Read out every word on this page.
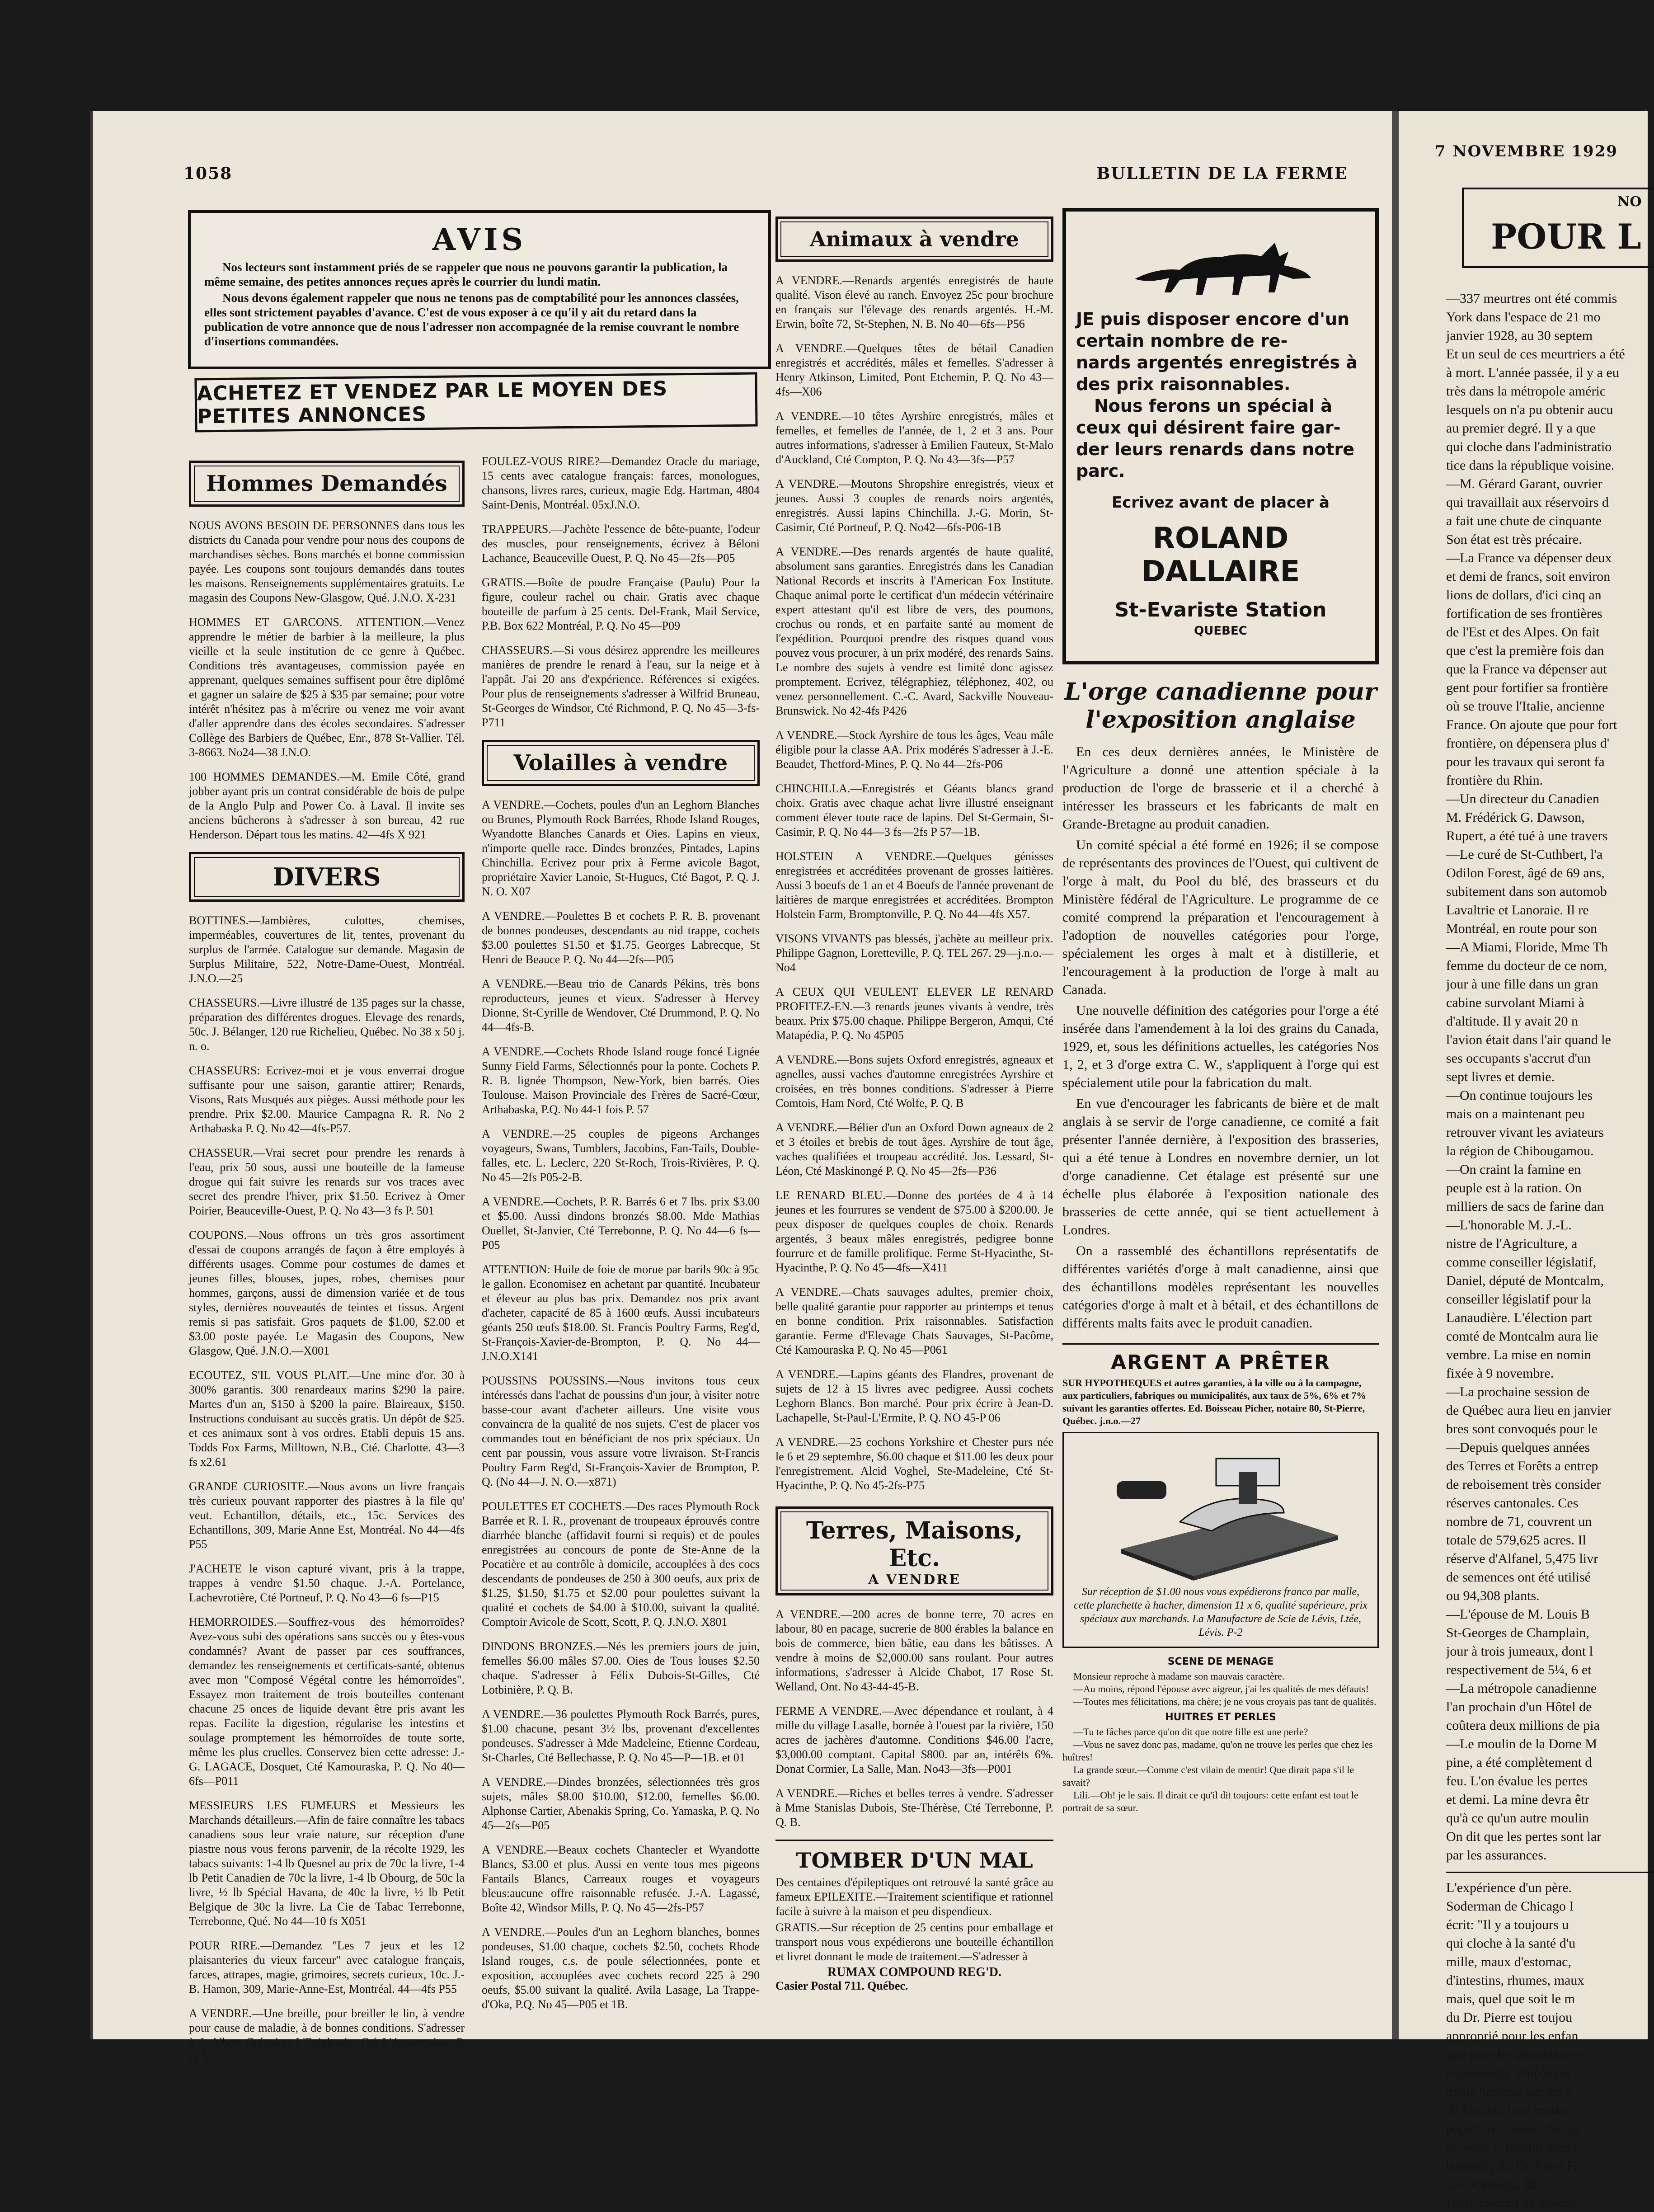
1058	BULLETIN DE LA FERME
AVIS

Nos lecteurs sont instamment priés de se rappeler que nous ne pouvons garantir la publication, la même semaine, des petites annonces reçues après le courrier du lundi matin.

Nous devons également rappeler que nous ne tenons pas de comptabilité pour les annonces classées, elles sont strictement payables d'avance. C'est de vous exposer à ce qu'il y ait du retard dans la publication de votre annonce que de nous l'adresser non accompagnée de la remise couvrant le nombre d'insertions commandées.

ACHETEZ ET VENDEZ PAR LE MOYEN DES PETITES ANNONCES
Hommes Demandés

NOUS AVONS BESOIN DE PERSONNES dans tous les districts du Canada pour vendre pour nous des coupons de marchandises sèches. Bons marchés et bonne commission payée. Les coupons sont toujours demandés dans toutes les maisons. Renseignements supplémentaires gratuits. Le magasin des Coupons New-Glasgow, Qué. J.N.O. X-231

HOMMES ET GARCONS. ATTENTION.—Venez apprendre le métier de barbier à la meilleure, la plus vieille et la seule institution de ce genre à Québec. Conditions très avantageuses, commission payée en apprenant, quelques semaines suffisent pour être diplômé et gagner un salaire de $25 à $35 par semaine; pour votre intérêt n'hésitez pas à m'écrire ou venez me voir avant d'aller apprendre dans des écoles secondaires. S'adresser Collège des Barbiers de Québec, Enr., 878 St-Vallier. Tél. 3-8663. No24—38 J.N.O.

100 HOMMES DEMANDES.—M. Emile Côté, grand jobber ayant pris un contrat considérable de bois de pulpe de la Anglo Pulp and Power Co. à Laval. Il invite ses anciens bûcherons à s'adresser à son bureau, 42 rue Henderson. Départ tous les matins. 42—4fs X 921

DIVERS

BOTTINES.—Jambières, culottes, chemises, imperméables, couvertures de lit, tentes, provenant du surplus de l'armée. Catalogue sur demande. Magasin de Surplus Militaire, 522, Notre-Dame-Ouest, Montréal. J.N.O.—25

CHASSEURS.—Livre illustré de 135 pages sur la chasse, préparation des différentes drogues. Elevage des renards, 50c. J. Bélanger, 120 rue Richelieu, Québec. No 38 x 50 j. n. o.

CHASSEURS: Ecrivez-moi et je vous enverrai drogue suffisante pour une saison, garantie attirer; Renards, Visons, Rats Musqués aux pièges. Aussi méthode pour les prendre. Prix $2.00. Maurice Campagna R. R. No 2 Arthabaska P. Q. No 42—4fs-P57.

CHASSEUR.—Vrai secret pour prendre les renards à l'eau, prix 50 sous, aussi une bouteille de la fameuse drogue qui fait suivre les renards sur vos traces avec secret des prendre l'hiver, prix $1.50. Ecrivez à Omer Poirier, Beauceville-Ouest, P. Q. No 43—3 fs P. 501

COUPONS.—Nous offrons un très gros assortiment d'essai de coupons arrangés de façon à être employés à différents usages. Comme pour costumes de dames et jeunes filles, blouses, jupes, robes, chemises pour hommes, garçons, aussi de dimension variée et de tous styles, dernières nouveautés de teintes et tissus. Argent remis si pas satisfait. Gros paquets de $1.00, $2.00 et $3.00 poste payée. Le Magasin des Coupons, New Glasgow, Qué. J.N.O.—X001

ECOUTEZ, S'IL VOUS PLAIT.—Une mine d'or. 30 à 300% garantis. 300 renardeaux marins $290 la paire. Martes d'un an, $150 à $200 la paire. Blaireaux, $150. Instructions conduisant au succès gratis. Un dépôt de $25. et ces animaux sont à vos ordres. Etabli depuis 15 ans. Todds Fox Farms, Milltown, N.B., Cté. Charlotte. 43—3 fs x2.61

GRANDE CURIOSITE.—Nous avons un livre français très curieux pouvant rapporter des piastres à la file qu' veut. Echantillon, détails, etc., 15c. Services des Echantillons, 309, Marie Anne Est, Montréal. No 44—4fs P55

J'ACHETE le vison capturé vivant, pris à la trappe, trappes à vendre $1.50 chaque. J.-A. Portelance, Lachevrotière, Cté Portneuf, P. Q. No 43—6 fs—P15

HEMORROIDES.—Souffrez-vous des hémorroïdes? Avez-vous subi des opérations sans succès ou y êtes-vous condamnés? Avant de passer par ces souffrances, demandez les renseignements et certificats-santé, obtenus avec mon "Composé Végétal contre les hémorroïdes". Essayez mon traitement de trois bouteilles contenant chacune 25 onces de liquide devant être pris avant les repas. Facilite la digestion, régularise les intestins et soulage promptement les hémorroïdes de toute sorte, même les plus cruelles. Conservez bien cette adresse: J.-G. LAGACE, Dosquet, Cté Kamouraska, P. Q. No 40—6fs—P011

MESSIEURS LES FUMEURS et Messieurs les Marchands détailleurs.—Afin de faire connaître les tabacs canadiens sous leur vraie nature, sur réception d'une piastre nous vous ferons parvenir, de la récolte 1929, les tabacs suivants: 1-4 lb Quesnel au prix de 70c la livre, 1-4 lb Petit Canadien de 70c la livre, 1-4 lb Obourg, de 50c la livre, ½ lb Spécial Havana, de 40c la livre, ½ lb Petit Belgique de 30c la livre. La Cie de Tabac Terrebonne, Terrebonne, Qué. No 44—10 fs X051

POUR RIRE.—Demandez "Les 7 jeux et les 12 plaisanteries du vieux farceur" avec catalogue français, farces, attrapes, magie, grimoires, secrets curieux, 10c. J.-B. Hamon, 309, Marie-Anne-Est, Montréal. 44—4fs P55

A VENDRE.—Une breille, pour breiller le lin, à vendre pour cause de maladie, à de bonnes conditions. S'adresser à J.-Albert Grégoire, L'Epiphanie, Cté L'Assomption, P. Q. B.

FOULEZ-VOUS RIRE?—Demandez Oracle du mariage, 15 cents avec catalogue français: farces, monologues, chansons, livres rares, curieux, magie Edg. Hartman, 4804 Saint-Denis, Montréal. 05xJ.N.O.

TRAPPEURS.—J'achète l'essence de bête-puante, l'odeur des muscles, pour renseignements, écrivez à Béloni Lachance, Beauceville Ouest, P. Q. No 45—2fs—P05

GRATIS.—Boîte de poudre Française (Paulu) Pour la figure, couleur rachel ou chair. Gratis avec chaque bouteille de parfum à 25 cents. Del-Frank, Mail Service, P.B. Box 622 Montréal, P. Q. No 45—P09

CHASSEURS.—Si vous désirez apprendre les meilleures manières de prendre le renard à l'eau, sur la neige et à l'appât. J'ai 20 ans d'expérience. Références si exigées. Pour plus de renseignements s'adresser à Wilfrid Bruneau, St-Georges de Windsor, Cté Richmond, P. Q. No 45—3-fs-P711

Volailles à vendre

A VENDRE.—Cochets, poules d'un an Leghorn Blanches ou Brunes, Plymouth Rock Barrées, Rhode Island Rouges, Wyandotte Blanches Canards et Oies. Lapins en vieux, n'importe quelle race. Dindes bronzées, Pintades, Lapins Chinchilla. Ecrivez pour prix à Ferme avicole Bagot, propriétaire Xavier Lanoie, St-Hugues, Cté Bagot, P. Q. J. N. O. X07

A VENDRE.—Poulettes B et cochets P. R. B. provenant de bonnes pondeuses, descendants au nid trappe, cochets $3.00 poulettes $1.50 et $1.75. Georges Labrecque, St Henri de Beauce P. Q. No 44—2fs—P05

A VENDRE.—Beau trio de Canards Pékins, très bons reproducteurs, jeunes et vieux. S'adresser à Hervey Dionne, St-Cyrille de Wendover, Cté Drummond, P. Q. No 44—4fs-B.

A VENDRE.—Cochets Rhode Island rouge foncé Lignée Sunny Field Farms, Sélectionnés pour la ponte. Cochets P. R. B. lignée Thompson, New-York, bien barrés. Oies Toulouse. Maison Provinciale des Frères de Sacré-Cœur, Arthabaska, P.Q. No 44-1 fois P. 57

A VENDRE.—25 couples de pigeons Archanges voyageurs, Swans, Tumblers, Jacobins, Fan-Tails, Double-falles, etc. L. Leclerc, 220 St-Roch, Trois-Rivières, P. Q. No 45—2fs P05-2-B.

A VENDRE.—Cochets, P. R. Barrés 6 et 7 lbs. prix $3.00 et $5.00. Aussi dindons bronzés $8.00. Mde Mathias Ouellet, St-Janvier, Cté Terrebonne, P. Q. No 44—6 fs—P05

ATTENTION: Huile de foie de morue par barils 90c à 95c le gallon. Economisez en achetant par quantité. Incubateur et éleveur au plus bas prix. Demandez nos prix avant d'acheter, capacité de 85 à 1600 œufs. Aussi incubateurs géants 250 œufs $18.00. St. Francis Poultry Farms, Reg'd, St-François-Xavier-de-Brompton, P. Q. No 44—J.N.O.X141

POUSSINS POUSSINS.—Nous invitons tous ceux intéressés dans l'achat de poussins d'un jour, à visiter notre basse-cour avant d'acheter ailleurs. Une visite vous convaincra de la qualité de nos sujets. C'est de placer vos commandes tout en bénéficiant de nos prix spéciaux. Un cent par poussin, vous assure votre livraison. St-Francis Poultry Farm Reg'd, St-François-Xavier de Brompton, P. Q. (No 44—J. N. O.—x871)

POULETTES ET COCHETS.—Des races Plymouth Rock Barrée et R. I. R., provenant de troupeaux éprouvés contre diarrhée blanche (affidavit fourni si requis) et de poules enregistrées au concours de ponte de Ste-Anne de la Pocatière et au contrôle à domicile, accouplées à des cocs descendants de pondeuses de 250 à 300 oeufs, aux prix de $1.25, $1.50, $1.75 et $2.00 pour poulettes suivant la qualité et cochets de $4.00 à $10.00, suivant la qualité. Comptoir Avicole de Scott, Scott, P. Q. J.N.O. X801

DINDONS BRONZES.—Nés les premiers jours de juin, femelles $6.00 mâles $7.00. Oies de Tous louses $2.50 chaque. S'adresser à Félix Dubois-St-Gilles, Cté Lotbinière, P. Q. B.

A VENDRE.—36 poulettes Plymouth Rock Barrés, pures, $1.00 chacune, pesant 3½ lbs, provenant d'excellentes pondeuses. S'adresser à Mde Madeleine, Etienne Cordeau, St-Charles, Cté Bellechasse, P. Q. No 45—P—1B. et 01

A VENDRE.—Dindes bronzées, sélectionnées très gros sujets, mâles $8.00 $10.00, $12.00, femelles $6.00. Alphonse Cartier, Abenakis Spring, Co. Yamaska, P. Q. No 45—2fs—P05

A VENDRE.—Beaux cochets Chantecler et Wyandotte Blancs, $3.00 et plus. Aussi en vente tous mes pigeons Fantails Blancs, Carreaux rouges et voyageurs bleus:aucune offre raisonnable refusée. J.-A. Lagassé, Boîte 42, Windsor Mills, P. Q. No 45—2fs-P57

A VENDRE.—Poules d'un an Leghorn blanches, bonnes pondeuses, $1.00 chaque, cochets $2.50, cochets Rhode Island rouges, c.s. de poule sélectionnées, ponte et exposition, accouplées avec cochets record 225 à 290 oeufs, $5.00 suivant la qualité. Avila Lasage, La Trappe-d'Oka, P.Q. No 45—P05 et 1B.

Animaux à vendre

A VENDRE.—Renards argentés enregistrés de haute qualité. Vison élevé au ranch. Envoyez 25c pour brochure en français sur l'élevage des renards argentés. H.-M. Erwin, boîte 72, St-Stephen, N. B. No 40—6fs—P56

A VENDRE.—Quelques têtes de bétail Canadien enregistrés et accrédités, mâles et femelles. S'adresser à Henry Atkinson, Limited, Pont Etchemin, P. Q. No 43—4fs—X06

A VENDRE.—10 têtes Ayrshire enregistrés, mâles et femelles, et femelles de l'année, de 1, 2 et 3 ans. Pour autres informations, s'adresser à Emilien Fauteux, St-Malo d'Auckland, Cté Compton, P. Q. No 43—3fs—P57

A VENDRE.—Moutons Shropshire enregistrés, vieux et jeunes. Aussi 3 couples de renards noirs argentés, enregistrés. Aussi lapins Chinchilla. J.-G. Morin, St-Casimir, Cté Portneuf, P. Q. No42—6fs-P06-1B

A VENDRE.—Des renards argentés de haute qualité, absolument sans garanties. Enregistrés dans les Canadian National Records et inscrits à l'American Fox Institute. Chaque animal porte le certificat d'un médecin vétérinaire expert attestant qu'il est libre de vers, des poumons, crochus ou ronds, et en parfaite santé au moment de l'expédition. Pourquoi prendre des risques quand vous pouvez vous procurer, à un prix modéré, des renards Sains. Le nombre des sujets à vendre est limité donc agissez promptement. Ecrivez, télégraphiez, téléphonez, 402, ou venez personnellement. C.-C. Avard, Sackville Nouveau-Brunswick. No 42-4fs P426

A VENDRE.—Stock Ayrshire de tous les âges, Veau mâle éligible pour la classe AA. Prix modérés S'adresser à J.-E. Beaudet, Thetford-Mines, P. Q. No 44—2fs-P06

CHINCHILLA.—Enregistrés et Géants blancs grand choix. Gratis avec chaque achat livre illustré enseignant comment élever toute race de lapins. Del St-Germain, St-Casimir, P. Q. No 44—3 fs—2fs P 57—1B.

HOLSTEIN A VENDRE.—Quelques génisses enregistrées et accréditées provenant de grosses laitières. Aussi 3 boeufs de 1 an et 4 Boeufs de l'année provenant de laitières de marque enregistrées et accréditées. Brompton Holstein Farm, Bromptonville, P. Q. No 44—4fs X57.

VISONS VIVANTS pas blessés, j'achète au meilleur prix. Philippe Gagnon, Loretteville, P. Q. TEL 267. 29—j.n.o.—No4

A CEUX QUI VEULENT ELEVER LE RENARD PROFITEZ-EN.—3 renards jeunes vivants à vendre, très beaux. Prix $75.00 chaque. Philippe Bergeron, Amqui, Cté Matapédia, P. Q. No 45P05

A VENDRE.—Bons sujets Oxford enregistrés, agneaux et agnelles, aussi vaches d'automne enregistrées Ayrshire et croisées, en très bonnes conditions. S'adresser à Pierre Comtois, Ham Nord, Cté Wolfe, P. Q. B

A VENDRE.—Bélier d'un an Oxford Down agneaux de 2 et 3 étoiles et brebis de tout âges. Ayrshire de tout âge, vaches qualifiées et troupeau accrédité. Jos. Lessard, St-Léon, Cté Maskinongé P. Q. No 45—2fs—P36

LE RENARD BLEU.—Donne des portées de 4 à 14 jeunes et les fourrures se vendent de $75.00 à $200.00. Je peux disposer de quelques couples de choix. Renards argentés, 3 beaux mâles enregistrés, pedigree bonne fourrure et de famille prolifique. Ferme St-Hyacinthe, St-Hyacinthe, P. Q. No 45—4fs—X411

A VENDRE.—Chats sauvages adultes, premier choix, belle qualité garantie pour rapporter au printemps et tenus en bonne condition. Prix raisonnables. Satisfaction garantie. Ferme d'Elevage Chats Sauvages, St-Pacôme, Cté Kamouraska P. Q. No 45—P061

A VENDRE.—Lapins géants des Flandres, provenant de sujets de 12 à 15 livres avec pedigree. Aussi cochets Leghorn Blancs. Bon marché. Pour prix écrire à Jean-D. Lachapelle, St-Paul-L'Ermite, P. Q. NO 45-P 06

A VENDRE.—25 cochons Yorkshire et Chester purs née le 6 et 29 septembre, $6.00 chaque et $11.00 les deux pour l'enregistrement. Alcid Voghel, Ste-Madeleine, Cté St-Hyacinthe, P. Q. No 45-2fs-P75

Terres, Maisons, Etc.
A VENDRE

A VENDRE.—200 acres de bonne terre, 70 acres en labour, 80 en pacage, sucrerie de 800 érables la balance en bois de commerce, bien bâtie, eau dans les bâtisses. A vendre à moins de $2,000.00 sans roulant. Pour autres informations, s'adresser à Alcide Chabot, 17 Rose St. Welland, Ont. No 43-44-45-B.

FERME A VENDRE.—Avec dépendance et roulant, à 4 mille du village Lasalle, bornée à l'ouest par la rivière, 150 acres de jachères d'automne. Conditions $46.00 l'acre, $3,000.00 comptant. Capital $800. par an, intérêts 6%. Donat Cormier, La Salle, Man. No43—3fs—P001

A VENDRE.—Riches et belles terres à vendre. S'adresser à Mme Stanislas Dubois, Ste-Thérèse, Cté Terrebonne, P. Q. B.

TOMBER D'UN MAL

Des centaines d'épileptiques ont retrouvé la santé grâce au fameux EPILEXITE.—Traitement scientifique et rationnel facile à suivre à la maison et peu dispendieux.

GRATIS.—Sur réception de 25 centins pour emballage et transport nous vous expédierons une bouteille échantillon et livret donnant le mode de traitement.—S'adresser à

RUMAX COMPOUND REG'D.
Casier Postal 711. Québec.
JE puis disposer encore d'un
certain nombre de re-
nards argentés enregistrés à
des prix raisonnables.
Nous ferons un spécial à
ceux qui désirent faire gar-
der leurs renards dans notre
parc.
Ecrivez avant de placer à
ROLAND DALLAIRE
St-Evariste Station
QUEBEC
L'orge canadienne pour
l'exposition anglaise

En ces deux dernières années, le Ministère de l'Agriculture a donné une attention spéciale à la production de l'orge de brasserie et il a cherché à intéresser les brasseurs et les fabricants de malt en Grande-Bretagne au produit canadien.

Un comité spécial a été formé en 1926; il se compose de représentants des provinces de l'Ouest, qui cultivent de l'orge à malt, du Pool du blé, des brasseurs et du Ministère fédéral de l'Agriculture. Le programme de ce comité comprend la préparation et l'encouragement à l'adoption de nouvelles catégories pour l'orge, spécialement les orges à malt et à distillerie, et l'encouragement à la production de l'orge à malt au Canada.

Une nouvelle définition des catégories pour l'orge a été insérée dans l'amendement à la loi des grains du Canada, 1929, et, sous les définitions actuelles, les catégories Nos 1, 2, et 3 d'orge extra C. W., s'appliquent à l'orge qui est spécialement utile pour la fabrication du malt.

En vue d'encourager les fabricants de bière et de malt anglais à se servir de l'orge canadienne, ce comité a fait présenter l'année dernière, à l'exposition des brasseries, qui a été tenue à Londres en novembre dernier, un lot d'orge canadienne. Cet étalage est présenté sur une échelle plus élaborée à l'exposition nationale des brasseries de cette année, qui se tient actuellement à Londres.

On a rassemblé des échantillons représentatifs de différentes variétés d'orge à malt canadienne, ainsi que des échantillons modèles représentant les nouvelles catégories d'orge à malt et à bétail, et des échantillons de différents malts faits avec le produit canadien.

ARGENT A PRÊTER

SUR HYPOTHEQUES et autres garanties, à la ville ou à la campagne, aux particuliers, fabriques ou municipalités, aux taux de 5%, 6% et 7% suivant les garanties offertes. Ed. Boisseau Picher, notaire 80, St-Pierre, Québec. j.n.o.—27

Sur réception de $1.00 nous vous expédierons franco par malle, cette planchette à hacher, dimension 11 x 6, qualité supérieure, prix spéciaux aux marchands. La Manufacture de Scie de Lévis, Ltée, Lévis. P-2

SCENE DE MENAGE

Monsieur reproche à madame son mauvais caractère.

—Au moins, répond l'épouse avec aigreur, j'ai les qualités de mes défauts!

—Toutes mes félicitations, ma chère; je ne vous croyais pas tant de qualités.

HUITRES ET PERLES

—Tu te fâches parce qu'on dit que notre fille est une perle?

—Vous ne savez donc pas, madame, qu'on ne trouve les perles que chez les huîtres!

La grande sœur.—Comme c'est vilain de mentir! Que dirait papa s'il le savait?

Lili.—Oh! je le sais. Il dirait ce qu'il dit toujours: cette enfant est tout le portrait de sa sœur.

7 NOVEMBRE 1929
NO
POUR L
—337 meurtres ont été commis
York dans l'espace de 21 mo
janvier 1928, au 30 septem
Et un seul de ces meurtriers a été
à mort. L'année passée, il y a eu
très dans la métropole améric
lesquels on n'a pu obtenir aucu
au premier degré. Il y a que
qui cloche dans l'administratio
tice dans la république voisine.
—M. Gérard Garant, ouvrier
qui travaillait aux réservoirs d
a fait une chute de cinquante
Son état est très précaire.
—La France va dépenser deux
et demi de francs, soit environ
lions de dollars, d'ici cinq an
fortification de ses frontières
de l'Est et des Alpes. On fait
que c'est la première fois dan
que la France va dépenser aut
gent pour fortifier sa frontière
où se trouve l'Italie, ancienne
France. On ajoute que pour fort
frontière, on dépensera plus d'
pour les travaux qui seront fa
frontière du Rhin.
—Un directeur du Canadien
M. Frédérick G. Dawson,
Rupert, a été tué à une travers
—Le curé de St-Cuthbert, l'a
Odilon Forest, âgé de 69 ans,
subitement dans son automob
Lavaltrie et Lanoraie. Il re
Montréal, en route pour son
—A Miami, Floride, Mme Th
femme du docteur de ce nom,
jour à une fille dans un gran
cabine survolant Miami à
d'altitude. Il y avait 20 n
l'avion était dans l'air quand le
ses occupants s'accrut d'un
sept livres et demie.
—On continue toujours les
mais on a maintenant peu
retrouver vivant les aviateurs
la région de Chibougamou.
—On craint la famine en
peuple est à la ration. On
milliers de sacs de farine dan
—L'honorable M. J.-L.
nistre de l'Agriculture, a
comme conseiller législatif,
Daniel, député de Montcalm,
conseiller législatif pour la
Lanaudière. L'élection part
comté de Montcalm aura lie
vembre. La mise en nomin
fixée à 9 novembre.
—La prochaine session de
de Québec aura lieu en janvier
bres sont convoqués pour le
—Depuis quelques années
des Terres et Forêts a entrep
de reboisement très consider
réserves cantonales. Ces
nombre de 71, couvrent un
totale de 579,625 acres. Il
réserve d'Alfanel, 5,475 livr
de semences ont été utilisé
ou 94,308 plants.
—L'épouse de M. Louis B
St-Georges de Champlain,
jour à trois jumeaux, dont l
respectivement de 5¼, 6 et
—La métropole canadienne
l'an prochain d'un Hôtel de
coûtera deux millions de pia
—Le moulin de la Dome M
pine, a été complètement d
feu. L'on évalue les pertes
et demi. La mine devra êtr
qu'à ce qu'un autre moulin
On dit que les pertes sont lar
par les assurances.
L'expérience d'un père.
Soderman de Chicago I
écrit: "Il y a toujours u
qui cloche à la santé d'u
mille, maux d'estomac,
d'intestins, rhumes, maux
mais, quel que soit le m
du Dr. Pierre est toujou
approprié pour les enfan
que pour les grandes pers
expériences tentées sur
mède herbeux par les p
de famille, l'ont rendu
populaires. Seuls, des ag
peuvent le fournir direct
boratoire du Dr. Peter Fa
Co., Chicago, Ill.
Livré exempt de douane
